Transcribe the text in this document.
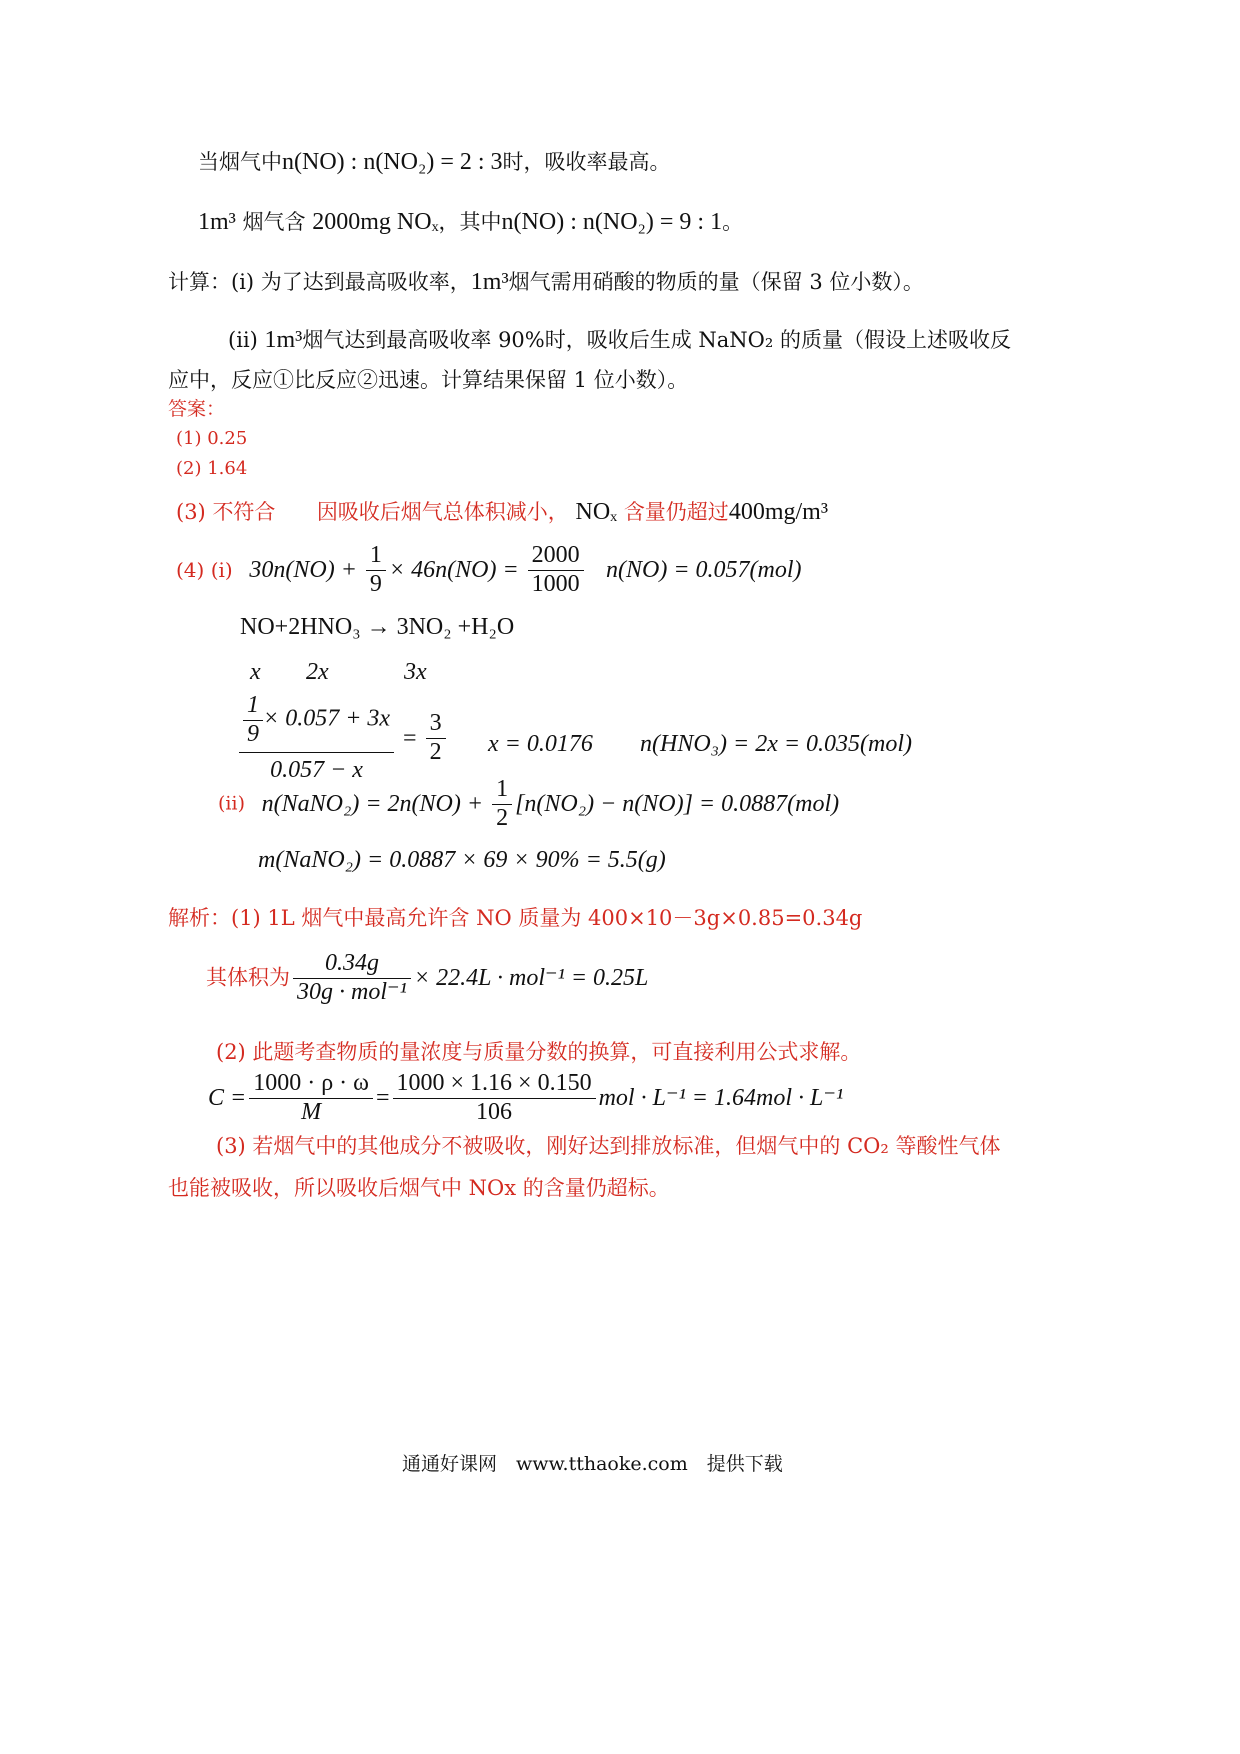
当烟气中n(NO) : n(NO₂) = 2 : 3时，吸收率最高。
1m³ 烟气含 2000mg NOₓ，其中n(NO) : n(NO₂) = 9 : 1。
计算：(ⅰ) 为了达到最高吸收率，1m³烟气需用硝酸的物质的量（保留 3 位小数）。
(ⅱ) 1m³烟气达到最高吸收率 90%时，吸收后生成 NaNO₂ 的质量（假设上述吸收反
应中，反应①比反应②迅速。计算结果保留 1 位小数）。
答案：
(1) 0.25
(2) 1.64
(3) 不符合 因吸收后烟气总体积减小， NOₓ 含量仍超过400mg/m³
(4) (ⅰ) $30n(NO) + \frac{1}{9} \times 46n(NO) = \frac{2000}{1000} n(NO) = 0.057(mol)$
NO+2HNO₃ → 3NO₂ +H₂O
x 2x	3x
$\frac{\frac{1}{9} \times 0.057 + 3x}{0.057 - x} = \frac{3}{2}$ x = 0.0176 n(HNO₃) = 2x = 0.035(mol)
(ⅱ) n(NaNO₂) = $2n(NO) + \frac{1}{2} [n(NO_2) - n(NO)] = 0.0887(mol)$
m(NaNO₂) = 0.0887 × 69 × 90% = 5.5(g)
解析：(1) 1L 烟气中最高允许含 NO 质量为 400×10－3g×0.85=0.34g
其体积为 $\frac{0.34g}{\text{30g · mol⁻¹}} \times 22.4L \cdot mol^{-1} = 0.25L$
(2) 此题考查物质的量浓度与质量分数的换算，可直接利用公式求解。
$C = \frac{1000 \cdot \rho \cdot \omega}{M} = \frac{1000 \times 1.16 \times 0.150}{106}$ mol · L⁻¹ = 1.64mol · L⁻¹
(3) 若烟气中的其他成分不被吸收，刚好达到排放标准，但烟气中的 CO₂ 等酸性气体
也能被吸收，所以吸收后烟气中 NOx 的含量仍超标。
通通好课网　www.tthaoke.com　提供下载
